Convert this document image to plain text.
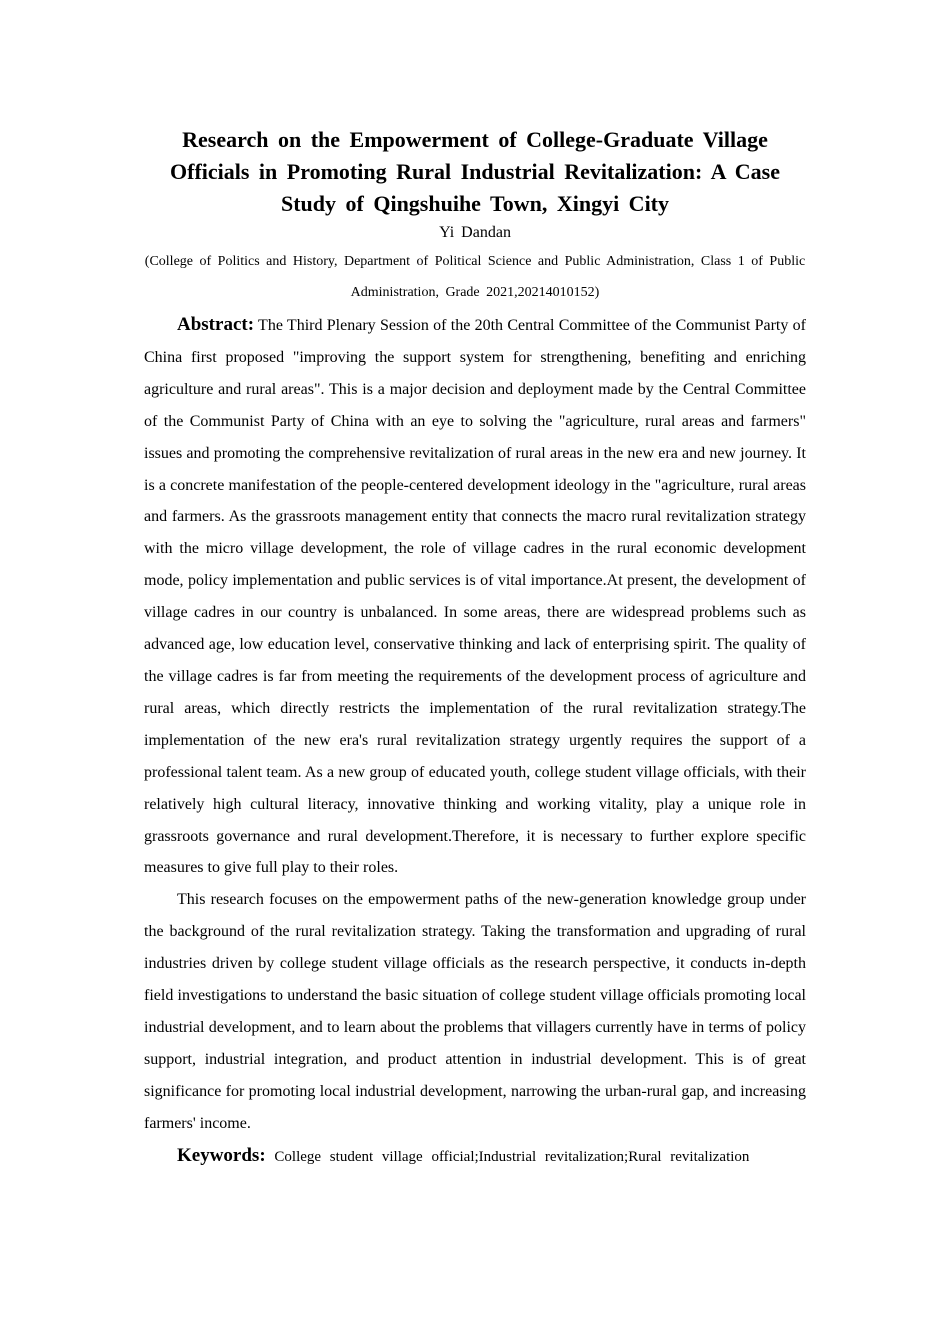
Research on the Empowerment of College-Graduate Village Officials in Promoting Rural Industrial Revitalization: A Case Study of Qingshuihe Town, Xingyi City
Yi Dandan
(College of Politics and History, Department of Political Science and Public Administration, Class 1 of Public Administration, Grade 2021,20214010152)

Abstract: The Third Plenary Session of the 20th Central Committee of the Communist Party of China first proposed "improving the support system for strengthening, benefiting and enriching agriculture and rural areas". This is a major decision and deployment made by the Central Committee of the Communist Party of China with an eye to solving the "agriculture, rural areas and farmers" issues and promoting the comprehensive revitalization of rural areas in the new era and new journey. It is a concrete manifestation of the people-centered development ideology in the "agriculture, rural areas and farmers. As the grassroots management entity that connects the macro rural revitalization strategy with the micro village development, the role of village cadres in the rural economic development mode, policy implementation and public services is of vital importance.At present, the development of village cadres in our country is unbalanced. In some areas, there are widespread problems such as advanced age, low education level, conservative thinking and lack of enterprising spirit. The quality of the village cadres is far from meeting the requirements of the development process of agriculture and rural areas, which directly restricts the implementation of the rural revitalization strategy.The implementation of the new era's rural revitalization strategy urgently requires the support of a professional talent team. As a new group of educated youth, college student village officials, with their relatively high cultural literacy, innovative thinking and working vitality, play a unique role in grassroots governance and rural development.Therefore, it is necessary to further explore specific measures to give full play to their roles.

This research focuses on the empowerment paths of the new-generation knowledge group under the background of the rural revitalization strategy. Taking the transformation and upgrading of rural industries driven by college student village officials as the research perspective, it conducts in-depth field investigations to understand the basic situation of college student village officials promoting local industrial development, and to learn about the problems that villagers currently have in terms of policy support, industrial integration, and product attention in industrial development. This is of great significance for promoting local industrial development, narrowing the urban-rural gap, and increasing farmers' income.

Keywords: College student village official;Industrial revitalization;Rural revitalization
